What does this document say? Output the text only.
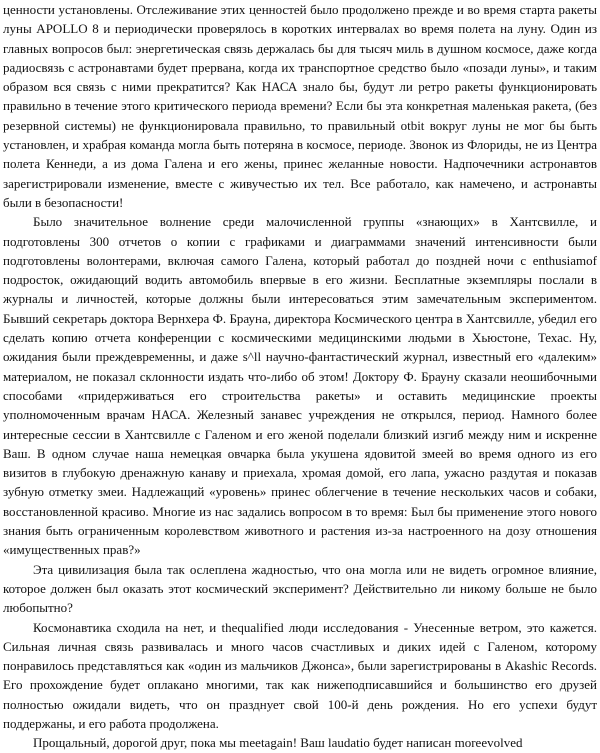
ценности установлены. Отслеживание этих ценностей было продолжено прежде и во время старта ракеты луны APOLLO 8 и периодически проверялось в коротких интервалах во время полета на луну. Один из главных вопросов был: энергетическая связь держалась бы для тысяч миль в душном космосе, даже когда радиосвязь с астронавтами будет прервана, когда их транспортное средство было «позади луны», и таким образом вся связь с ними прекратится? Как НАСА знало бы, будут ли ретро ракеты функционировать правильно в течение этого критического периода времени? Если бы эта конкретная маленькая ракета, (без резервной системы) не функционировала правильно, то правильный otbit вокруг луны не мог бы быть установлен, и храбрая команда могла быть потеряна в космосе, периоде. Звонок из Флориды, не из Центра полета Кеннеди, а из дома Галена и его жены, принес желанные новости. Надпочечники астронавтов зарегистрировали изменение, вместе с живучестью их тел. Все работало, как намечено, и астронавты были в безопасности!

Было значительное волнение среди малочисленной группы «знающих» в Хантсвилле, и подготовлены 300 отчетов о копии с графиками и диаграммами значений интенсивности были подготовлены волонтерами, включая самого Галена, который работал до поздней ночи с enthusiamof подросток, ожидающий водить автомобиль впервые в его жизни. Бесплатные экземпляры послали в журналы и личностей, которые должны были интересоваться этим замечательным экспериментом. Бывший секретарь доктора Вернхера Ф. Брауна, директора Космического центра в Хантсвилле, убедил его сделать копию отчета конференции с космическими медицинскими людьми в Хьюстоне, Техас. Ну, ожидания были преждевременны, и даже s^ll научно-фантастический журнал, известный его «далеким» материалом, не показал склонности издать что-либо об этом! Доктору Ф. Брауну сказали неошибочными способами «придерживаться его строительства ракеты» и оставить медицинские проекты уполномоченным врачам НАСА. Железный занавес учреждения не открылся, период. Намного более интересные сессии в Хантсвилле с Галеном и его женой поделали близкий изгиб между ним и искренне Ваш. В одном случае наша немецкая овчарка была укушена ядовитой змеей во время одного из его визитов в глубокую дренажную канаву и приехала, хромая домой, его лапа, ужасно раздутая и показав зубную отметку змеи. Надлежащий «уровень» принес облегчение в течение нескольких часов и собаки, восстановленной красиво. Многие из нас задались вопросом в то время: Был бы применение этого нового знания быть ограниченным королевством животного и растения из-за настроенного на дозу отношения «имущественных прав?»

Эта цивилизация была так ослеплена жадностью, что она могла или не видеть огромное влияние, которое должен был оказать этот космический эксперимент? Действительно ли никому больше не было любопытно?

Космонавтика сходила на нет, и thequalified люди исследования - Унесенные ветром, это кажется. Сильная личная связь развивалась и много часов счастливых и диких идей с Галеном, которому понравилось представляться как «один из мальчиков Джонса», были зарегистрированы в Akashic Records. Его прохождение будет оплакано многими, так как нижеподписавшийся и большинство его друзей полностью ожидали видеть, что он празднует свой 100-й день рождения. Но его успехи будут поддержаны, и его работа продолжена.

Прощальный, дорогой друг, пока мы meetagain! Ваш laudatio будет написан moreevolved
